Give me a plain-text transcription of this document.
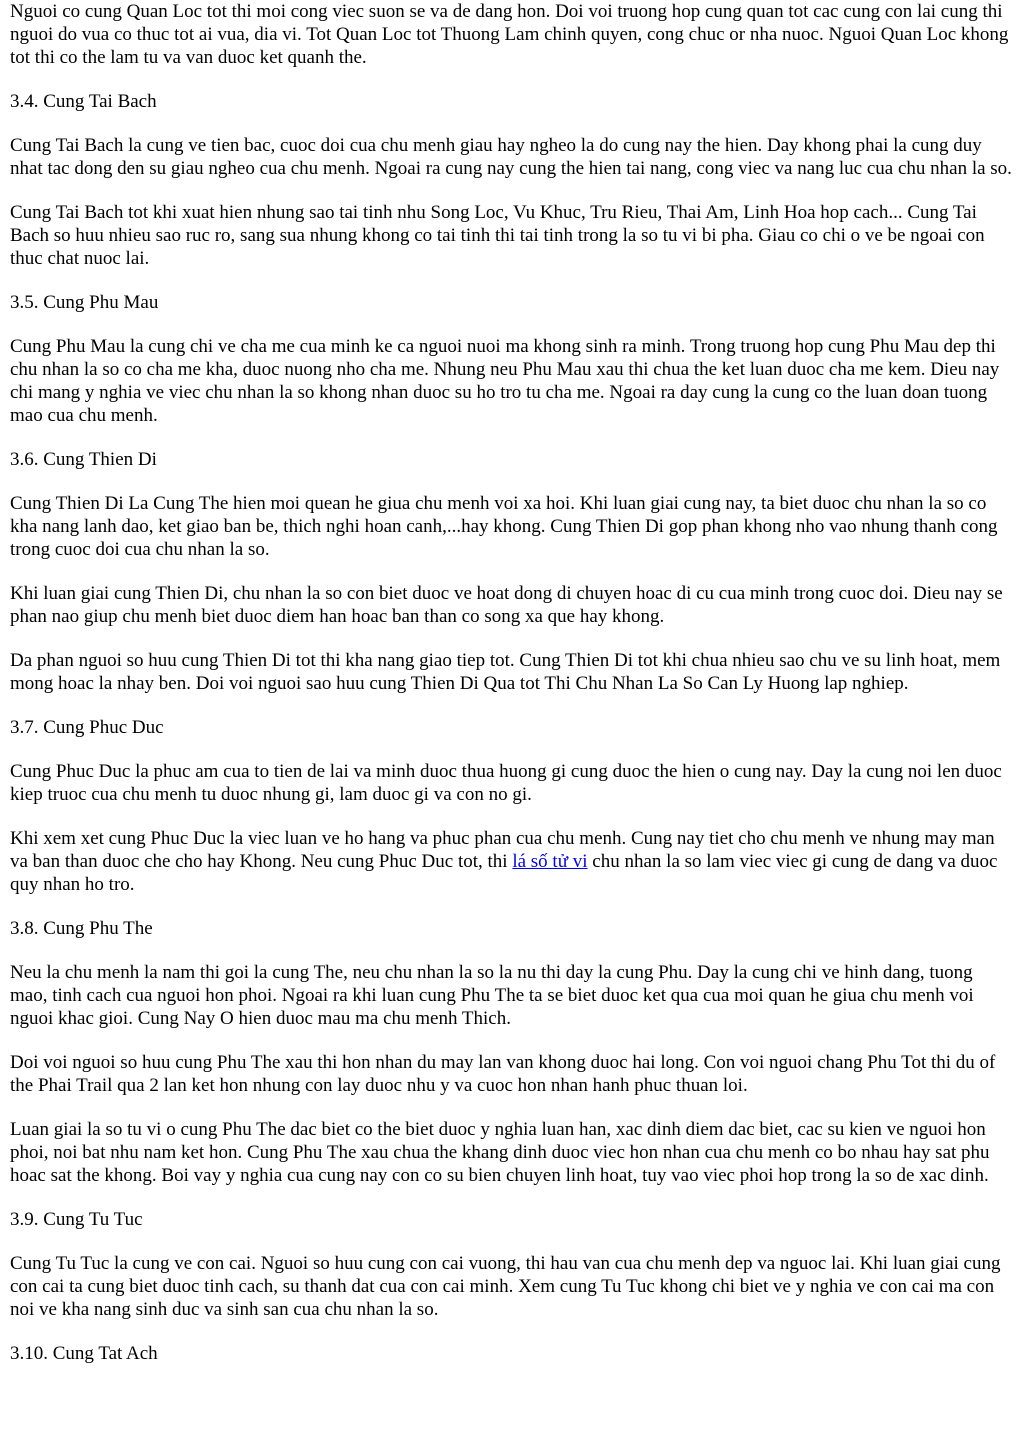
Nguoi co cung Quan Loc tot thi moi cong viec suon se va de dang hon. Doi voi truong hop cung quan tot cac cung con lai cung thi nguoi do vua co thuc tot ai vua, dia vi. Tot Quan Loc tot Thuong Lam chinh quyen, cong chuc or nha nuoc. Nguoi Quan Loc khong tot thi co the lam tu va van duoc ket quanh the.

3.4. Cung Tai Bach

Cung Tai Bach la cung ve tien bac, cuoc doi cua chu menh giau hay ngheo la do cung nay the hien. Day khong phai la cung duy nhat tac dong den su giau ngheo cua chu menh. Ngoai ra cung nay cung the hien tai nang, cong viec va nang luc cua chu nhan la so.

Cung Tai Bach tot khi xuat hien nhung sao tai tinh nhu Song Loc, Vu Khuc, Tru Rieu, Thai Am, Linh Hoa hop cach... Cung Tai Bach so huu nhieu sao ruc ro, sang sua nhung khong co tai tinh thi tai tinh trong la so tu vi bi pha. Giau co chi o ve be ngoai con thuc chat nuoc lai.

3.5. Cung Phu Mau

Cung Phu Mau la cung chi ve cha me cua minh ke ca nguoi nuoi ma khong sinh ra minh. Trong truong hop cung Phu Mau dep thi chu nhan la so co cha me kha, duoc nuong nho cha me. Nhung neu Phu Mau xau thi chua the ket luan duoc cha me kem. Dieu nay chi mang y nghia ve viec chu nhan la so khong nhan duoc su ho tro tu cha me. Ngoai ra day cung la cung co the luan doan tuong mao cua chu menh.

3.6. Cung Thien Di

Cung Thien Di La Cung The hien moi quean he giua chu menh voi xa hoi. Khi luan giai cung nay, ta biet duoc chu nhan la so co kha nang lanh dao, ket giao ban be, thich nghi hoan canh,...hay khong. Cung Thien Di gop phan khong nho vao nhung thanh cong trong cuoc doi cua chu nhan la so.

Khi luan giai cung Thien Di, chu nhan la so con biet duoc ve hoat dong di chuyen hoac di cu cua minh trong cuoc doi. Dieu nay se phan nao giup chu menh biet duoc diem han hoac ban than co song xa que hay khong.

Da phan nguoi so huu cung Thien Di tot thi kha nang giao tiep tot. Cung Thien Di tot khi chua nhieu sao chu ve su linh hoat, mem mong hoac la nhay ben. Doi voi nguoi sao huu cung Thien Di Qua tot Thi Chu Nhan La So Can Ly Huong lap nghiep.

3.7. Cung Phuc Duc

Cung Phuc Duc la phuc am cua to tien de lai va minh duoc thua huong gi cung duoc the hien o cung nay. Day la cung noi len duoc kiep truoc cua chu menh tu duoc nhung gi, lam duoc gi va con no gi.

Khi xem xet cung Phuc Duc la viec luan ve ho hang va phuc phan cua chu menh. Cung nay tiet cho chu menh ve nhung may man va ban than duoc che cho hay Khong. Neu cung Phuc Duc tot, thi lá số tử vi chu nhan la so lam viec viec gi cung de dang va duoc quy nhan ho tro.

3.8. Cung Phu The

Neu la chu menh la nam thi goi la cung The, neu chu nhan la so la nu thi day la cung Phu. Day la cung chi ve hinh dang, tuong mao, tinh cach cua nguoi hon phoi. Ngoai ra khi luan cung Phu The ta se biet duoc ket qua cua moi quan he giua chu menh voi nguoi khac gioi. Cung Nay O hien duoc mau ma chu menh Thich.

Doi voi nguoi so huu cung Phu The xau thi hon nhan du may lan van khong duoc hai long. Con voi nguoi chang Phu Tot thi du of the Phai Trail qua 2 lan ket hon nhung con lay duoc nhu y va cuoc hon nhan hanh phuc thuan loi.

Luan giai la so tu vi o cung Phu The dac biet co the biet duoc y nghia luan han, xac dinh diem dac biet, cac su kien ve nguoi hon phoi, noi bat nhu nam ket hon. Cung Phu The xau chua the khang dinh duoc viec hon nhan cua chu menh co bo nhau hay sat phu hoac sat the khong. Boi vay y nghia cua cung nay con co su bien chuyen linh hoat, tuy vao viec phoi hop trong la so de xac dinh.

3.9. Cung Tu Tuc

Cung Tu Tuc la cung ve con cai. Nguoi so huu cung con cai vuong, thi hau van cua chu menh dep va nguoc lai. Khi luan giai cung con cai ta cung biet duoc tinh cach, su thanh dat cua con cai minh. Xem cung Tu Tuc khong chi biet ve y nghia ve con cai ma con noi ve kha nang sinh duc va sinh san cua chu nhan la so.

3.10. Cung Tat Ach
